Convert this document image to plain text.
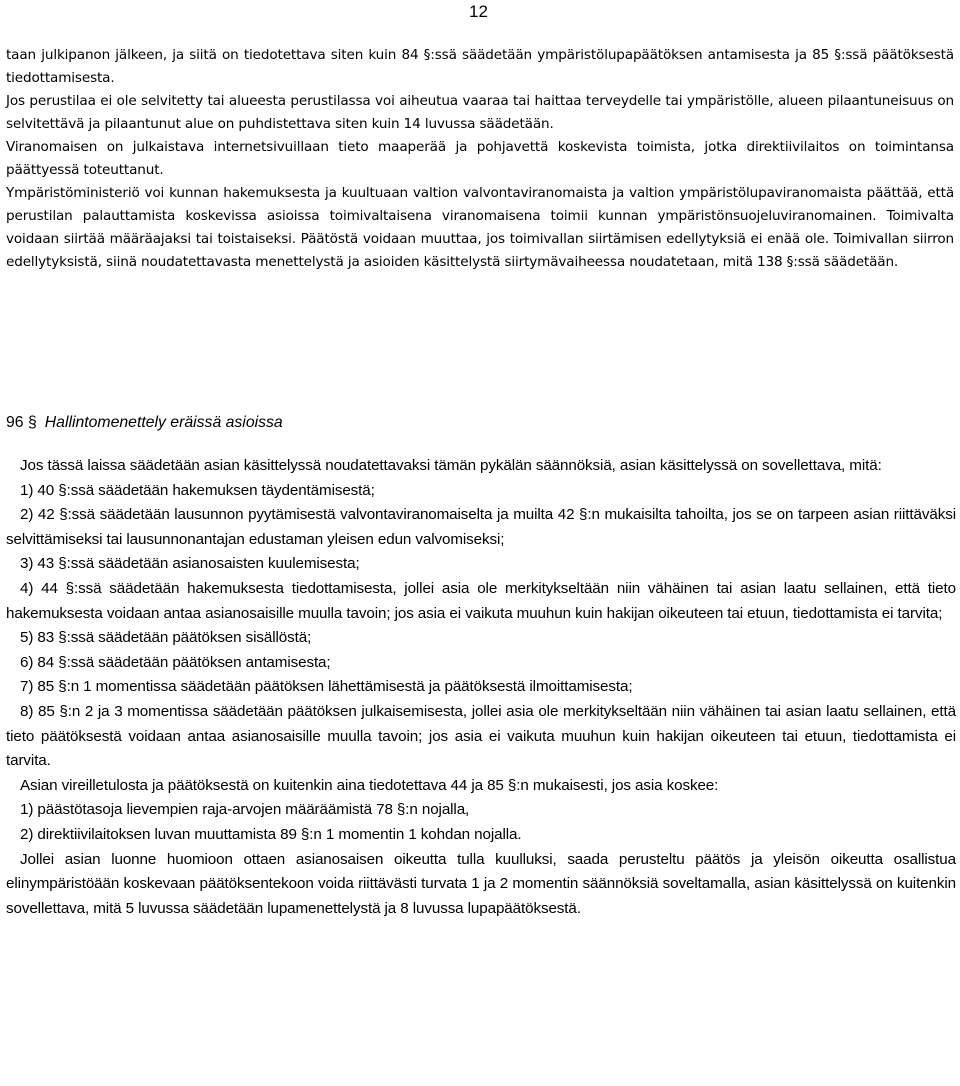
12

taan julkipanon jälkeen, ja siitä on tiedotettava siten kuin 84 §:ssä säädetään ympäristölupapäätöksen antamisesta ja 85 §:ssä päätöksestä tiedottamisesta.

Jos perustilaa ei ole selvitetty tai alueesta perustilassa voi aiheutua vaaraa tai haittaa terveydelle tai ympäristölle, alueen pilaantuneisuus on selvitettävä ja pilaantunut alue on puhdistettava siten kuin 14 luvussa säädetään.

Viranomaisen on julkaistava internetsivuillaan tieto maaperää ja pohjavettä koskevista toimista, jotka direktiivilaitos on toimintansa päättyessä toteuttanut.

Ympäristöministeriö voi kunnan hakemuksesta ja kuultuaan valtion valvontaviranomaista ja valtion ympäristölupaviranomaista päättää, että perustilan palauttamista koskevissa asioissa toimivaltaisena viranomaisena toimii kunnan ympäristönsuojeluviranomainen. Toimivalta voidaan siirtää määräajaksi tai toistaiseksi. Päätöstä voidaan muuttaa, jos toimivallan siirtämisen edellytyksiä ei enää ole. Toimivallan siirron edellytyksistä, siinä noudatettavasta menettelystä ja asioiden käsittelystä siirtymävaiheessa noudatetaan, mitä 138 §:ssä säädetään.

96 § Hallintomenettely eräissä asioissa

Jos tässä laissa säädetään asian käsittelyssä noudatettavaksi tämän pykälän säännöksiä, asian käsittelyssä on sovellettava, mitä:

1) 40 §:ssä säädetään hakemuksen täydentämisestä;

2) 42 §:ssä säädetään lausunnon pyytämisestä valvontaviranomaiselta ja muilta 42 §:n mukaisilta tahoilta, jos se on tarpeen asian riittäväksi selvittämiseksi tai lausunnonantajan edustaman yleisen edun valvomiseksi;

3) 43 §:ssä säädetään asianosaisten kuulemisesta;

4) 44 §:ssä säädetään hakemuksesta tiedottamisesta, jollei asia ole merkitykseltään niin vähäinen tai asian laatu sellainen, että tieto hakemuksesta voidaan antaa asianosaisille muulla tavoin; jos asia ei vaikuta muuhun kuin hakijan oikeuteen tai etuun, tiedottamista ei tarvita;

5) 83 §:ssä säädetään päätöksen sisällöstä;

6) 84 §:ssä säädetään päätöksen antamisesta;

7) 85 §:n 1 momentissa säädetään päätöksen lähettämisestä ja päätöksestä ilmoittamisesta;

8) 85 §:n 2 ja 3 momentissa säädetään päätöksen julkaisemisesta, jollei asia ole merkitykseltään niin vähäinen tai asian laatu sellainen, että tieto päätöksestä voidaan antaa asianosaisille muulla tavoin; jos asia ei vaikuta muuhun kuin hakijan oikeuteen tai etuun, tiedottamista ei tarvita.

Asian vireilletulosta ja päätöksestä on kuitenkin aina tiedotettava 44 ja 85 §:n mukaisesti, jos asia koskee:

1) päästötasoja lievempien raja-arvojen määräämistä 78 §:n nojalla,

2) direktiivilaitoksen luvan muuttamista 89 §:n 1 momentin 1 kohdan nojalla.

Jollei asian luonne huomioon ottaen asianosaisen oikeutta tulla kuulluksi, saada perusteltu päätös ja yleisön oikeutta osallistua elinympäristöään koskevaan päätöksentekoon voida riittävästi turvata 1 ja 2 momentin säännöksiä soveltamalla, asian käsittelyssä on kuitenkin sovellettava, mitä 5 luvussa säädetään lupamenettelystä ja 8 luvussa lupapäätöksestä.
